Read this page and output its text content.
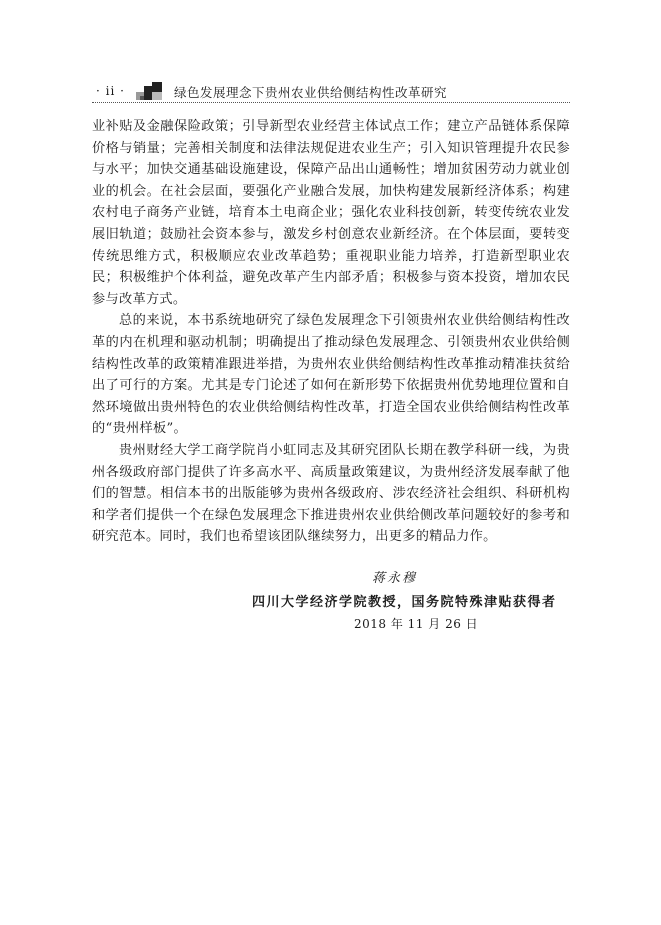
· ii ·	绿色发展理念下贵州农业供给侧结构性改革研究

业补贴及金融保险政策；引导新型农业经营主体试点工作；建立产品链体系保障价格与销量；完善相关制度和法律法规促进农业生产；引入知识管理提升农民参与水平；加快交通基础设施建设，保障产品出山通畅性；增加贫困劳动力就业创业的机会。在社会层面，要强化产业融合发展，加快构建发展新经济体系；构建农村电子商务产业链，培育本土电商企业；强化农业科技创新，转变传统农业发展旧轨道；鼓励社会资本参与，激发乡村创意农业新经济。在个体层面，要转变传统思维方式，积极顺应农业改革趋势；重视职业能力培养，打造新型职业农民；积极维护个体利益，避免改革产生内部矛盾；积极参与资本投资，增加农民参与改革方式。

总的来说，本书系统地研究了绿色发展理念下引领贵州农业供给侧结构性改革的内在机理和驱动机制；明确提出了推动绿色发展理念、引领贵州农业供给侧结构性改革的政策精准跟进举措，为贵州农业供给侧结构性改革推动精准扶贫给出了可行的方案。尤其是专门论述了如何在新形势下依据贵州优势地理位置和自然环境做出贵州特色的农业供给侧结构性改革，打造全国农业供给侧结构性改革的“贵州样板”。

贵州财经大学工商学院肖小虹同志及其研究团队长期在教学科研一线，为贵州各级政府部门提供了许多高水平、高质量政策建议，为贵州经济发展奉献了他们的智慧。相信本书的出版能够为贵州各级政府、涉农经济社会组织、科研机构和学者们提供一个在绿色发展理念下推进贵州农业供给侧改革问题较好的参考和研究范本。同时，我们也希望该团队继续努力，出更多的精品力作。

蒋永穆
四川大学经济学院教授，国务院特殊津贴获得者
2018 年 11 月 26 日
